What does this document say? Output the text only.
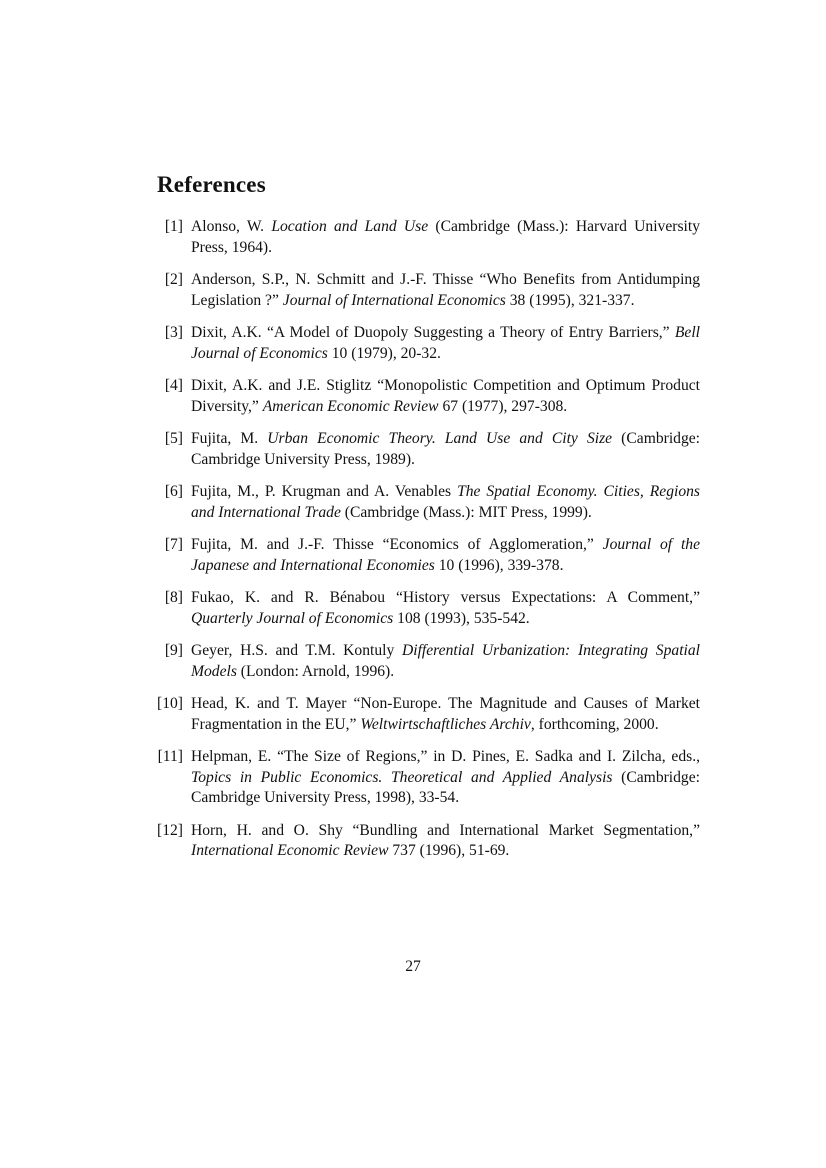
References
[1] Alonso, W. Location and Land Use (Cambridge (Mass.): Harvard University Press, 1964).
[2] Anderson, S.P., N. Schmitt and J.-F. Thisse “Who Benefits from Antidumping Legislation ?” Journal of International Economics 38 (1995), 321-337.
[3] Dixit, A.K. “A Model of Duopoly Suggesting a Theory of Entry Barriers,” Bell Journal of Economics 10 (1979), 20-32.
[4] Dixit, A.K. and J.E. Stiglitz “Monopolistic Competition and Optimum Product Diversity,” American Economic Review 67 (1977), 297-308.
[5] Fujita, M. Urban Economic Theory. Land Use and City Size (Cambridge: Cambridge University Press, 1989).
[6] Fujita, M., P. Krugman and A. Venables The Spatial Economy. Cities, Regions and International Trade (Cambridge (Mass.): MIT Press, 1999).
[7] Fujita, M. and J.-F. Thisse “Economics of Agglomeration,” Journal of the Japanese and International Economies 10 (1996), 339-378.
[8] Fukao, K. and R. Bénabou “History versus Expectations: A Comment,” Quarterly Journal of Economics 108 (1993), 535-542.
[9] Geyer, H.S. and T.M. Kontuly Differential Urbanization: Integrating Spatial Models (London: Arnold, 1996).
[10] Head, K. and T. Mayer “Non-Europe. The Magnitude and Causes of Market Fragmentation in the EU,” Weltwirtschaftliches Archiv, forthcoming, 2000.
[11] Helpman, E. “The Size of Regions,” in D. Pines, E. Sadka and I. Zilcha, eds., Topics in Public Economics. Theoretical and Applied Analysis (Cambridge: Cambridge University Press, 1998), 33-54.
[12] Horn, H. and O. Shy “Bundling and International Market Segmentation,” International Economic Review 737 (1996), 51-69.
27
